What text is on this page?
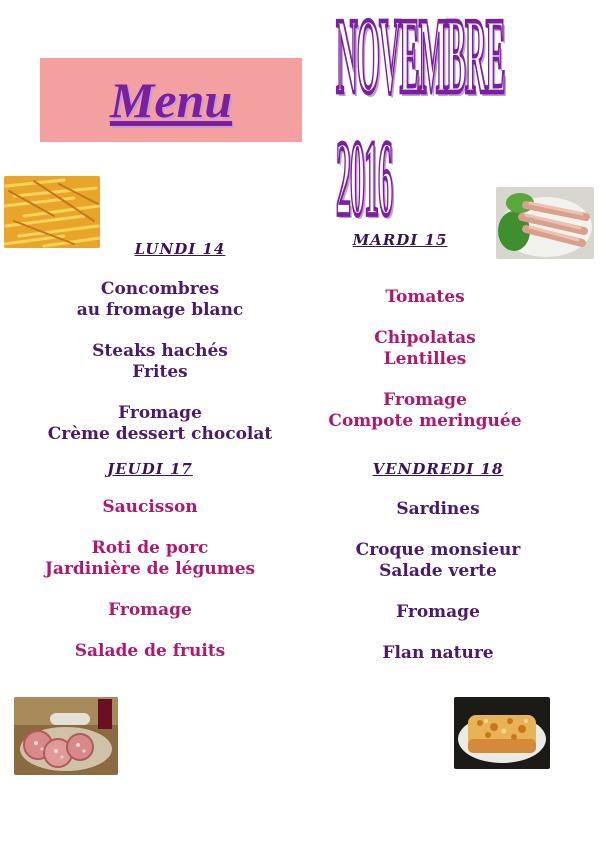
Menu	NOVEMBRE 2016
LUNDI 14

Concombres

au fromage blanc

Steaks hachés

Frites

Fromage

Crème dessert chocolat

MARDI 15

Tomates

Chipolatas

Lentilles

Fromage

Compote meringuée

JEUDI 17

Saucisson

Roti de porc

Jardinière de légumes

Fromage

Salade de fruits

VENDREDI 18

Sardines

Croque monsieur

Salade verte

Fromage

Flan nature
